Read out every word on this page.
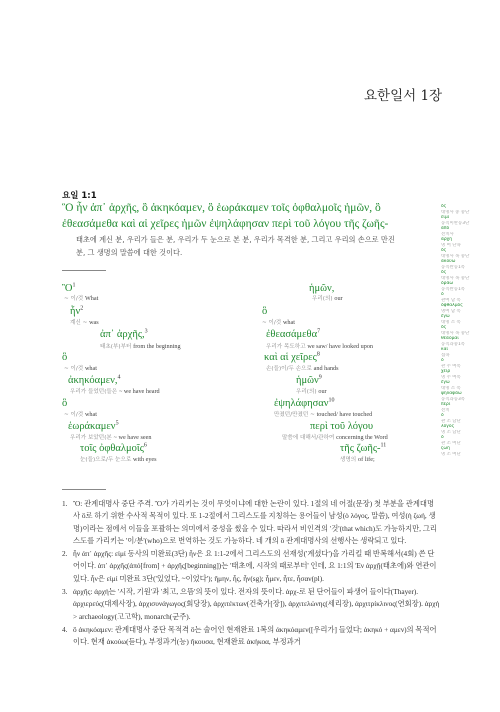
요한일서 1장
요일 1:1
Ὃ ἦν ἀπ᾽ ἀρχῆς, ὃ ἀκηκόαμεν, ὃ ἑωράκαμεν τοῖς ὀφθαλμοῖς ἡμῶν, ὃ
ἐθεασάμεθα καὶ αἱ χεῖρες ἡμῶν ἐψηλάφησαν περὶ τοῦ λόγου τῆς ζωῆς-
태초에 계신 분, 우리가 들은 분, 우리가 두 눈으로 본 분, 우리가 목격한 분, 그리고 우리의 손으로 만진
분, 그 생명의 말씀에 대한 것이다.
Ὃ$^1$
~ 이/것 What
ἦν$^2$
계신 ~ was
ἀπ᾽ ἀρχῆς,$^3$
태초(부)부터 from the beginning
ὃ
~ 이/것 what
ἀκηκόαμεν,$^4$
우리가 들었던(들은 ~ we have heard
ὃ
~ 이/것 what
ἑωράκαμεν$^5$
우리가 보았던(본 ~ we have seen
τοῖς ὀφθαλμοῖς$^6$
눈(들)으로/두 눈으로 with eyes
ἡμῶν,
우리(의) our
ὃ
~ 이/것 what
ἐθεασάμεθα$^7$
우리가 목도하고 we saw/ have looked upon
καὶ αἱ χεῖρες$^8$
손(들)이/두 손으로 and hands
ἡμῶν$^9$
우리(의) our
ἐψηλάφησαν$^{10}$
만졌던/만졌던 ~ touched/ have touched
περὶ τοῦ λόγου
말씀에 대해서/관하여 concerning the Word
τῆς ζωῆς-$^{11}$
생명의 of life;
1. Ὃ: 관계대명사 중단 주격. Ὃ가 가리키는 것이 무엇이냐에 대한 논란이 있다. 1절의 네 어절(문장) 첫 부분을 관계대명사 ὃ로 하기 위한 수사적 목적이 있다. 또 1-2절에서 그리스도를 지칭하는 용어들이 남성(ὁ λόγος, 말씀), 여성(ἡ ζωή, 생명)이라는 점에서 이들을 포괄하는 의미에서 중성을 썼을 수 있다. 따라서 비인격의 '것'(that which)도 가능하지만, 그리스도를 가리키는 '이/분'(who)으로 번역하는 것도 가능하다. 네 개의 ὃ 관계대명사의 선행사는 생략되고 있다.
2. ἦν ἀπ᾽ ἀρχῆς: εἰμί 동사의 미완료(3단) ἦν은 요 1:1-2에서 그리스도의 선재성('계셨다')을 가리킬 때 반복해서(4회) 쓴 단어이다. ἀπ᾽ ἀρχῆς(ἀπό[from] + ἀρχῆς[beginning])는 '태초에, 시작의 때로부터' 인데, 요 1:1의 Ἐν ἀρχῇ(태초에)와 연관이 있다. ἦν은 εἰμί 미완료 3단('있었다, ~이었다'); ἤμην, ἦς, ἦν(sg); ἦμεν, ἦτε, ἦσαν(pl).
3. ἀρχῆς: ἀρχή는 '시작, 기원'과 '최고, 으뜸'의 뜻이 있다. 전자의 뜻이다. ἀρχ-로 된 단어들이 파생어 들이다(Thayer). ἀρχιερεύς(대제사장), ἀρχισυνάγωγος(회당장), ἀρχιτέκτων(건축가[장]), ἀρχιτελώνης(세리장), ἀρχιτρίκλινος(연회장). ἀρχή > archaeology(고고학), monarch(군주).
4. ὃ ἀκηκόαμεν: 관계대명사 중단 목적격 ὃ는 술어인 현재완료 1복의 ἀκηκόαμεν([우리가] 들었다; ἀκηκό + αμεν)의 목적어이다. 현재 ἀκούω(듣다), 부정과거(능) ἤκουσα, 현재완료 ἀκήκοα, 부정과거
ὅς
대명사 중 중단
εἰμί
동직미완능3단
ἀπό
전치사
ἀρχή
명 여 단속
ὅς
대명사 목 중단
ἀκούω
동직완능1복
ὅς
대명사 목 중단
ὁράω
동직완능1복
ὁ
관여 남 복
ὀφθαλμός
명여 남 복
ἐγώ
대명 소 복
ὅς
대명사 목 중단
θεάομαι
동직과중1복
καί
접속
ὁ
관 주 여복
χείρ
명 주 여복
ἐγώ
대명 소 복
ψηλαφάω
동직과능3복
περί
전치
ὁ
관 소 남단
λόγος
명 소 남단
ὁ
관 소 여단
ζωή
명 소 여단
